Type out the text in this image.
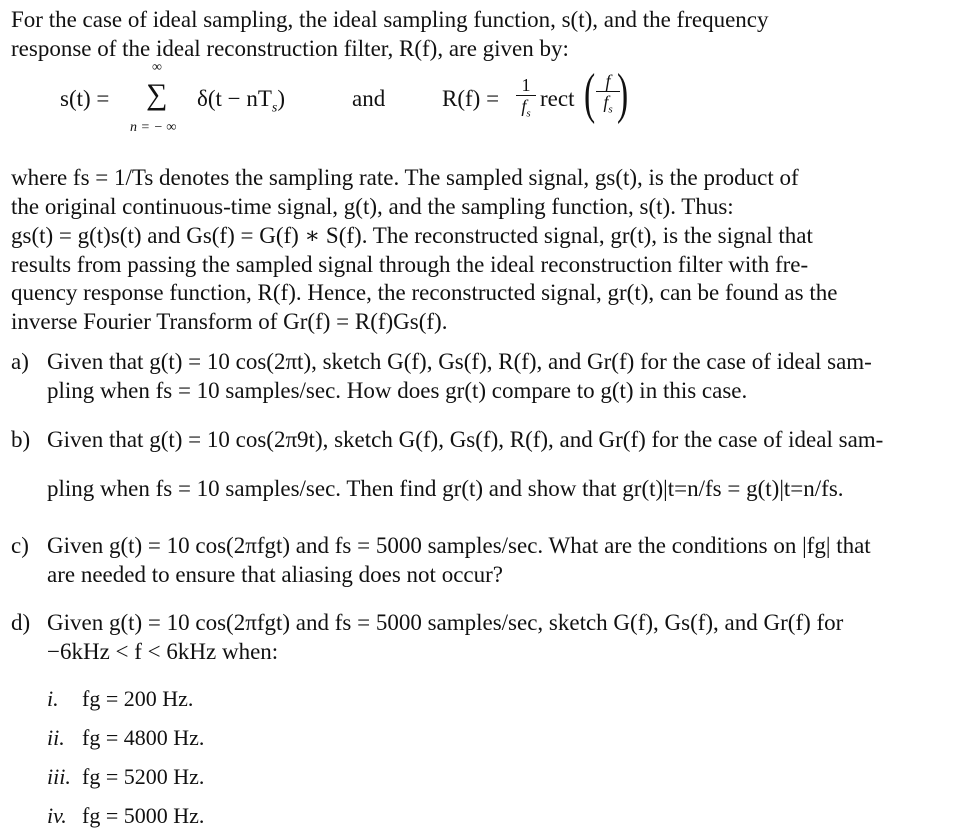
For the case of ideal sampling, the ideal sampling function, s(t), and the frequency
response of the ideal reconstruction filter, R(f), are given by:
s(t) =
∞
∑
n = − ∞
$\delta(t - nT_s)$	and R(f) =
1
$f_s$
rect ( f
$f_s$ )
where fs = 1/Ts denotes the sampling rate. The sampled signal, gs(t), is the product of
the original continuous-time signal, g(t), and the sampling function, s(t). Thus:
gs(t) = g(t)s(t) and Gs(f) = G(f) ∗ S(f). The reconstructed signal, gr(t), is the signal that
results from passing the sampled signal through the ideal reconstruction filter with fre-
quency response function, R(f). Hence, the reconstructed signal, gr(t), can be found as the
inverse Fourier Transform of Gr(f) = R(f)Gs(f).
a) Given that g(t) = 10 cos(2πt), sketch G(f), Gs(f), R(f), and Gr(f) for the case of ideal sam-
pling when fs = 10 samples/sec. How does gr(t) compare to g(t) in this case.
b) Given that g(t) = 10 cos(2π9t), sketch G(f), Gs(f), R(f), and Gr(f) for the case of ideal sam-
pling when fs = 10 samples/sec. Then find gr(t) and show that gr(t)|t=n/fs = g(t)|t=n/fs.
c) Given g(t) = 10 cos(2πfgt) and fs = 5000 samples/sec. What are the conditions on |fg| that
are needed to ensure that aliasing does not occur?
d) Given g(t) = 10 cos(2πfgt) and fs = 5000 samples/sec, sketch G(f), Gs(f), and Gr(f) for
−6kHz < f < 6kHz when:
i. fg = 200 Hz.
ii. fg = 4800 Hz.
iii. fg = 5200 Hz.
iv. fg = 5000 Hz.
